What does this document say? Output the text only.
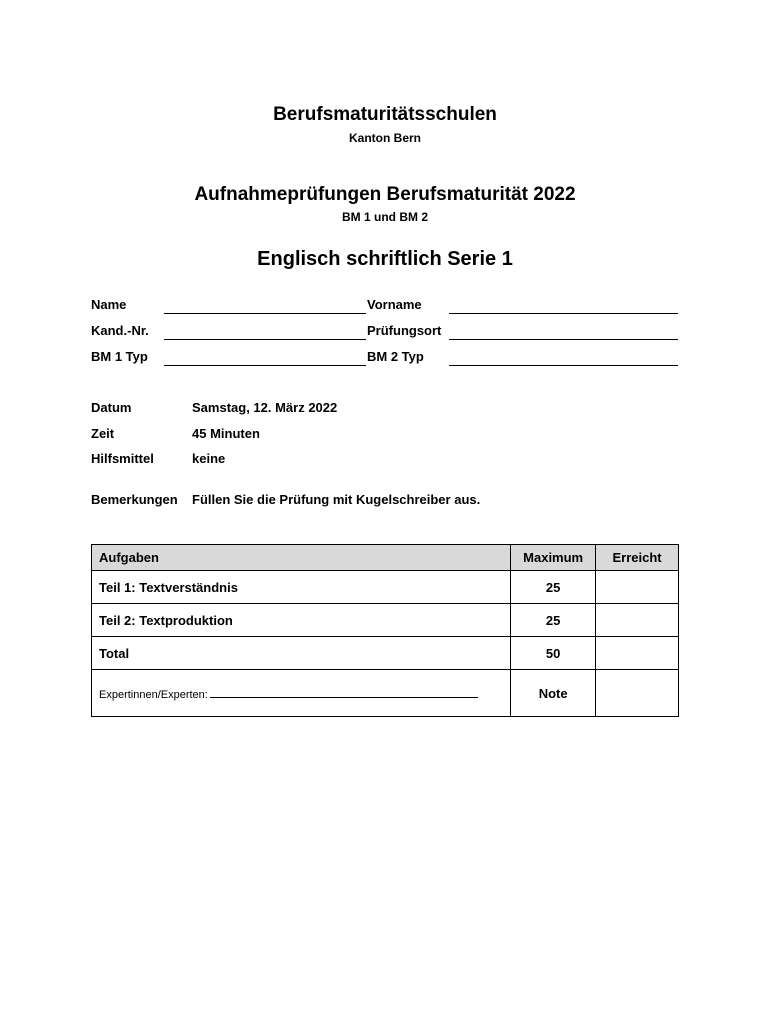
Berufsmaturitätsschulen
Kanton Bern
Aufnahmeprüfungen Berufsmaturität 2022
BM 1 und BM 2
Englisch schriftlich Serie 1
Name	Vorname
Kand.-Nr.	Prüfungsort
BM 1 Typ	BM 2 Typ
Datum	Samstag, 12. März 2022
Zeit	45 Minuten
Hilfsmittel	keine
Bemerkungen Füllen Sie die Prüfung mit Kugelschreiber aus.
Aufgaben	Maximum	Erreicht
Teil 1: Textverständnis	25	
Teil 2: Textproduktion	25	
Total	50	
Expertinnen/Experten:	Note	
